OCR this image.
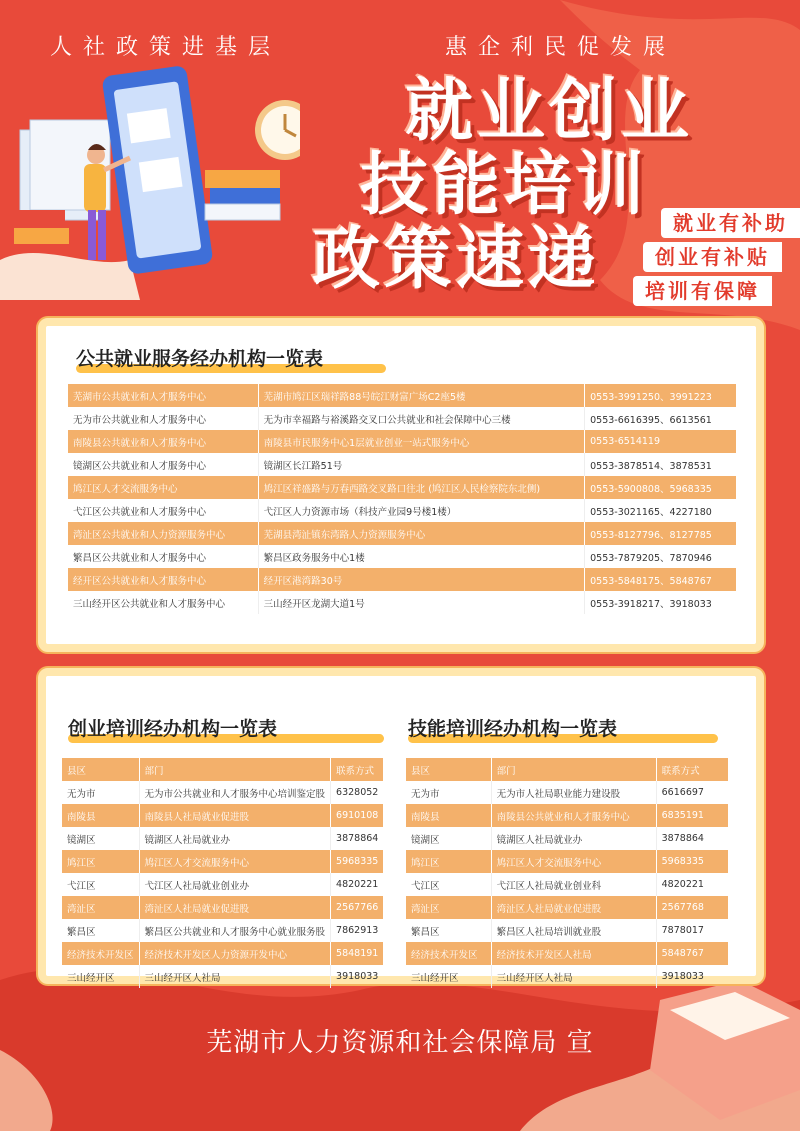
人社政策进基层	惠企利民促发展
就业创业
技能培训
政策速递	就业有补助
创业有补贴
培训有保障
公共就业服务经办机构一览表
芜湖市公共就业和人才服务中心	芜湖市鸠江区瑞祥路88号皖江财富广场C2座5楼	0553-3991250、3991223
无为市公共就业和人才服务中心	无为市幸福路与裕溪路交叉口公共就业和社会保障中心三楼	0553-6616395、6613561
南陵县公共就业和人才服务中心	南陵县市民服务中心1层就业创业一站式服务中心	0553-6514119
镜湖区公共就业和人才服务中心	镜湖区长江路51号	0553-3878514、3878531
鸠江区人才交流服务中心	鸠江区祥盛路与万春西路交叉路口往北 (鸠江区人民检察院东北侧)	0553-5900808、5968335
弋江区公共就业和人才服务中心	弋江区人力资源市场（科技产业园9号楼1楼）	0553-3021165、4227180
湾沚区公共就业和人力资源服务中心	芜湖县湾沚镇东湾路人力资源服务中心	0553-8127796、8127785
繁昌区公共就业和人才服务中心	繁昌区政务服务中心1楼	0553-7879205、7870946
经开区公共就业和人才服务中心	经开区港湾路30号	0553-5848175、5848767
三山经开区公共就业和人才服务中心	三山经开区龙湖大道1号	0553-3918217、3918033
创业培训经办机构一览表
县区	部门	联系方式
无为市	无为市公共就业和人才服务中心培训鉴定股	6328052
南陵县	南陵县人社局就业促进股	6910108
镜湖区	镜湖区人社局就业办	3878864
鸠江区	鸠江区人才交流服务中心	5968335
弋江区	弋江区人社局就业创业办	4820221
湾沚区	湾沚区人社局就业促进股	2567766
繁昌区	繁昌区公共就业和人才服务中心就业服务股	7862913
经济技术开发区	经济技术开发区人力资源开发中心	5848191
三山经开区	三山经开区人社局	3918033
技能培训经办机构一览表
县区	部门	联系方式
无为市	无为市人社局职业能力建设股	6616697
南陵县	南陵县公共就业和人才服务中心	6835191
镜湖区	镜湖区人社局就业办	3878864
鸠江区	鸠江区人才交流服务中心	5968335
弋江区	弋江区人社局就业创业科	4820221
湾沚区	湾沚区人社局就业促进股	2567768
繁昌区	繁昌区人社局培训就业股	7878017
经济技术开发区	经济技术开发区人社局	5848767
三山经开区	三山经开区人社局	3918033
芜湖市人力资源和社会保障局 宣
